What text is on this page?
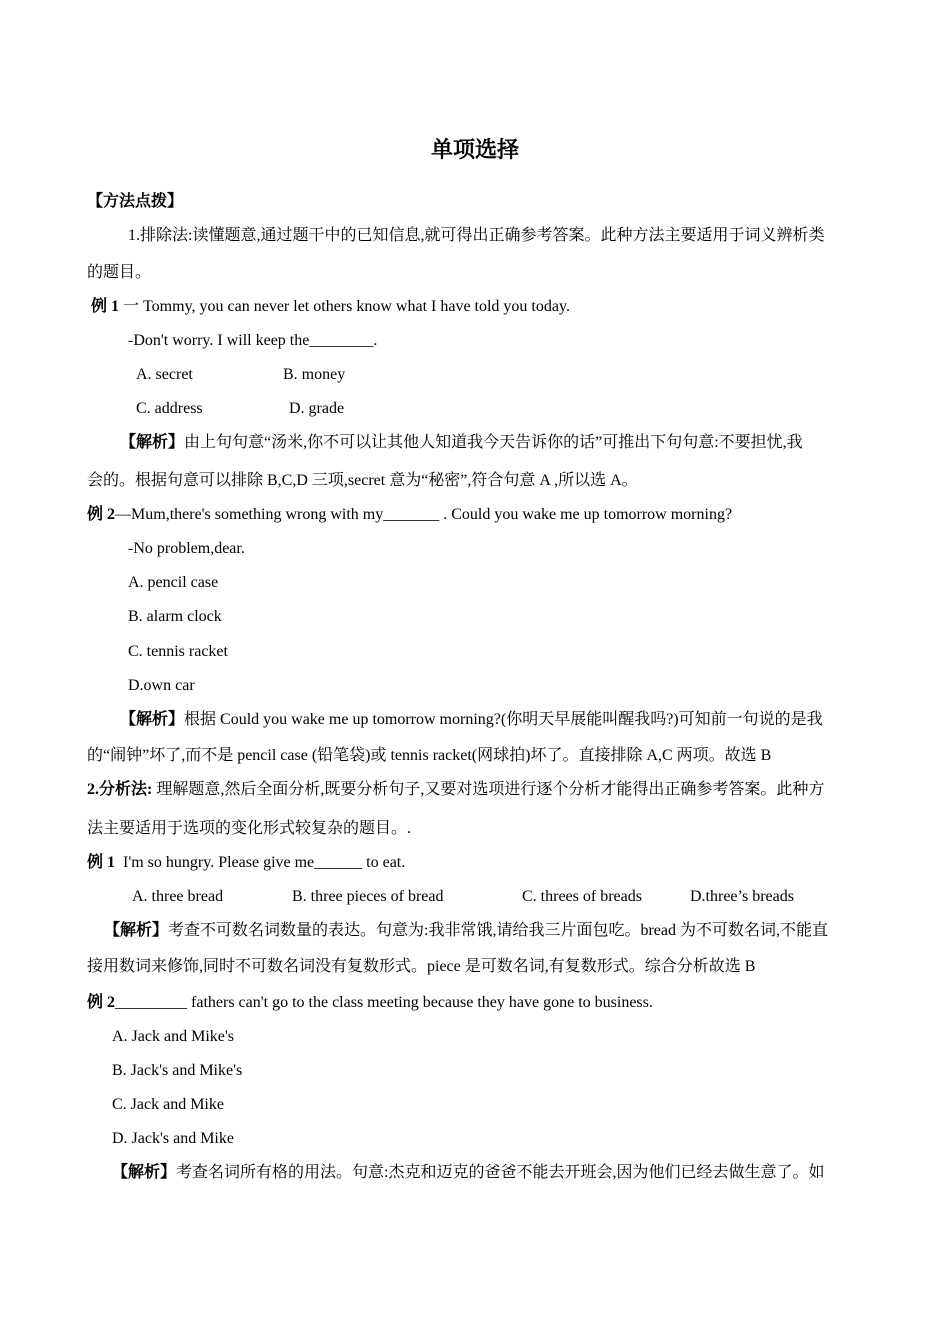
单项选择
【方法点拨】
1.排除法:读懂题意,通过题干中的已知信息,就可得出正确参考答案。此种方法主要适用于词义辨析类
的题目。
例 1 一 Tommy, you can never let others know what I have told you today.
-Don't worry. I will keep the________.
A. secret	B. money
C. address	D. grade
【解析】由上句句意“汤米,你不可以让其他人知道我今天告诉你的话”可推出下句句意:不要担忧,我
会的。根据句意可以排除 B,C,D 三项,secret 意为“秘密”,符合句意 A ,所以选 A。
例 2—Mum,there's something wrong with my_______ . Could you wake me up tomorrow morning?
-No problem,dear.
A. pencil case
B. alarm clock
C. tennis racket
D.own car
【解析】根据 Could you wake me up tomorrow morning?(你明天早展能叫醒我吗?)可知前一句说的是我
的“闹钟”坏了,而不是 pencil case (铅笔袋)或 tennis racket(网球拍)坏了。直接排除 A,C 两项。故选 B
2.分析法: 理解题意,然后全面分析,既要分析句子,又要对选项进行逐个分析才能得出正确参考答案。此种方
法主要适用于选项的变化形式较复杂的题目。.
例 1  I'm so hungry. Please give me______ to eat.
A. three bread	B. three pieces of bread	C. threes of breads	D.three’s breads
【解析】考查不可数名词数量的表达。句意为:我非常饿,请给我三片面包吃。bread 为不可数名词,不能直
接用数词来修饰,同时不可数名词没有复数形式。piece 是可数名词,有复数形式。综合分析故选 B
例 2_________ fathers can't go to the class meeting because they have gone to business.
A. Jack and Mike's
B. Jack's and Mike's
C. Jack and Mike
D. Jack's and Mike
【解析】考查名词所有格的用法。句意:杰克和迈克的爸爸不能去开班会,因为他们已经去做生意了。如
